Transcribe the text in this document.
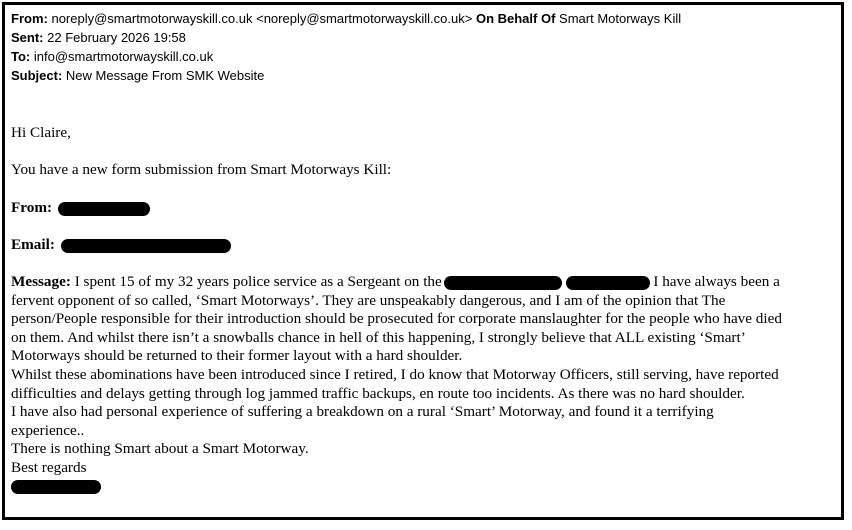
From: noreply@smartmotorwayskill.co.uk <noreply@smartmotorwayskill.co.uk> On Behalf Of Smart Motorways Kill
Sent: 22 February 2026 19:58
To: info@smartmotorwayskill.co.uk
Subject: New Message From SMK Website
Hi Claire,
You have a new form submission from Smart Motorways Kill:
From:
Email:
Message: I spent 15 of my 32 years police service as a Sergeant on the	I have always been a
fervent opponent of so called, ‘Smart Motorways’. They are unspeakably dangerous, and I am of the opinion that The
person/People responsible for their introduction should be prosecuted for corporate manslaughter for the people who have died
on them. And whilst there isn’t a snowballs chance in hell of this happening, I strongly believe that ALL existing ‘Smart’
Motorways should be returned to their former layout with a hard shoulder.
Whilst these abominations have been introduced since I retired, I do know that Motorway Officers, still serving, have reported
difficulties and delays getting through log jammed traffic backups, en route too incidents. As there was no hard shoulder.
I have also had personal experience of suffering a breakdown on a rural ‘Smart’ Motorway, and found it a terrifying
experience..
There is nothing Smart about a Smart Motorway.
Best regards
